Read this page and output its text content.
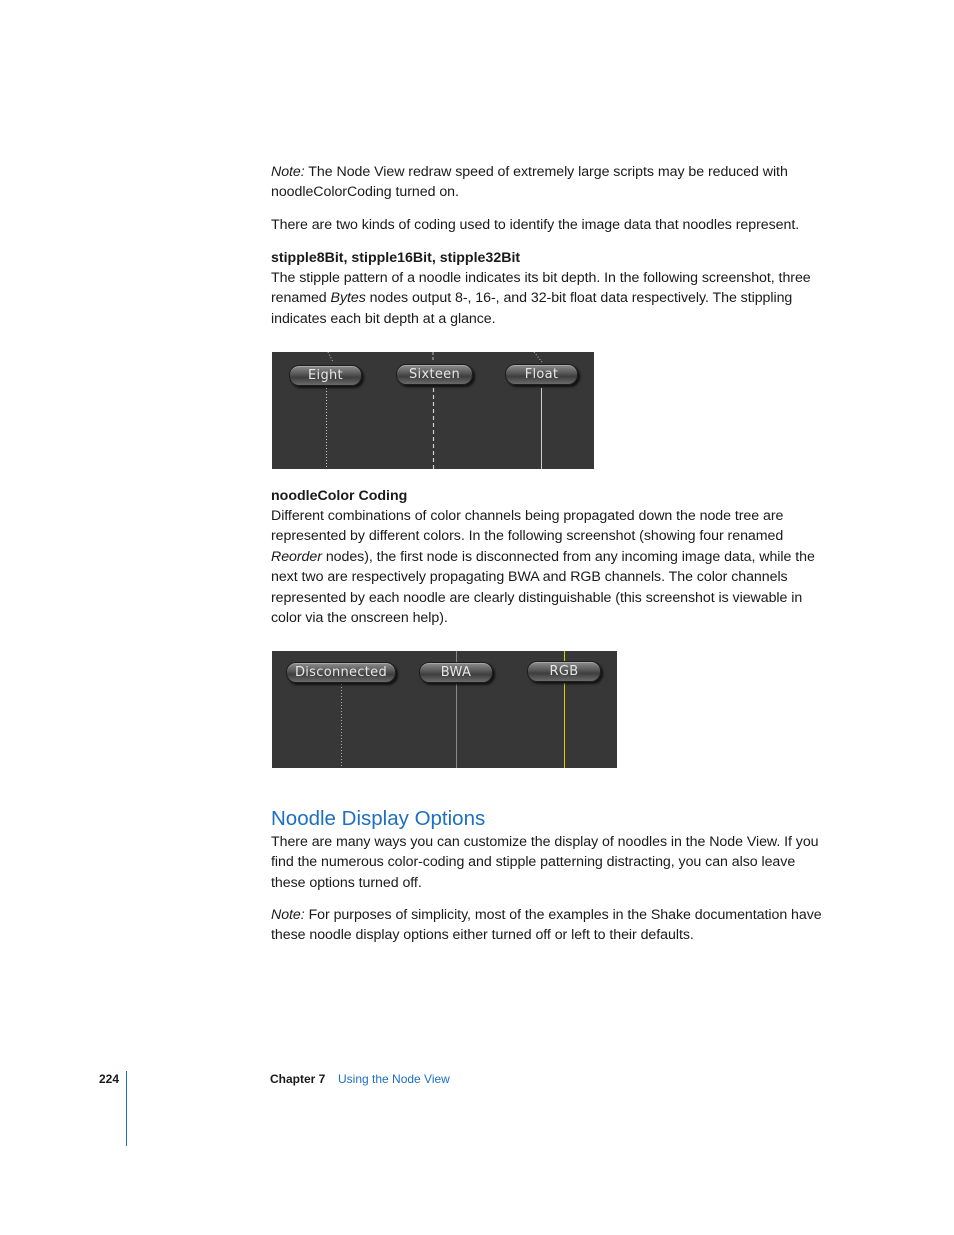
Note: The Node View redraw speed of extremely large scripts may be reduced with noodleColorCoding turned on.

There are two kinds of coding used to identify the image data that noodles represent.

stipple8Bit, stipple16Bit, stipple32Bit

The stipple pattern of a noodle indicates its bit depth. In the following screenshot, three renamed Bytes nodes output 8-, 16-, and 32-bit float data respectively. The stippling indicates each bit depth at a glance.

noodleColor Coding

Different combinations of color channels being propagated down the node tree are represented by different colors. In the following screenshot (showing four renamed Reorder nodes), the first node is disconnected from any incoming image data, while the next two are respectively propagating BWA and RGB channels. The color channels represented by each noodle are clearly distinguishable (this screenshot is viewable in color via the onscreen help).

Noodle Display Options

There are many ways you can customize the display of noodles in the Node View. If you find the numerous color-coding and stipple patterning distracting, you can also leave these options turned off.

Note: For purposes of simplicity, most of the examples in the Shake documentation have these noodle display options either turned off or left to their defaults.

Eight	Sixteen	Float
Disconnected	BWA	RGB
224	Chapter 7 Using the Node View
